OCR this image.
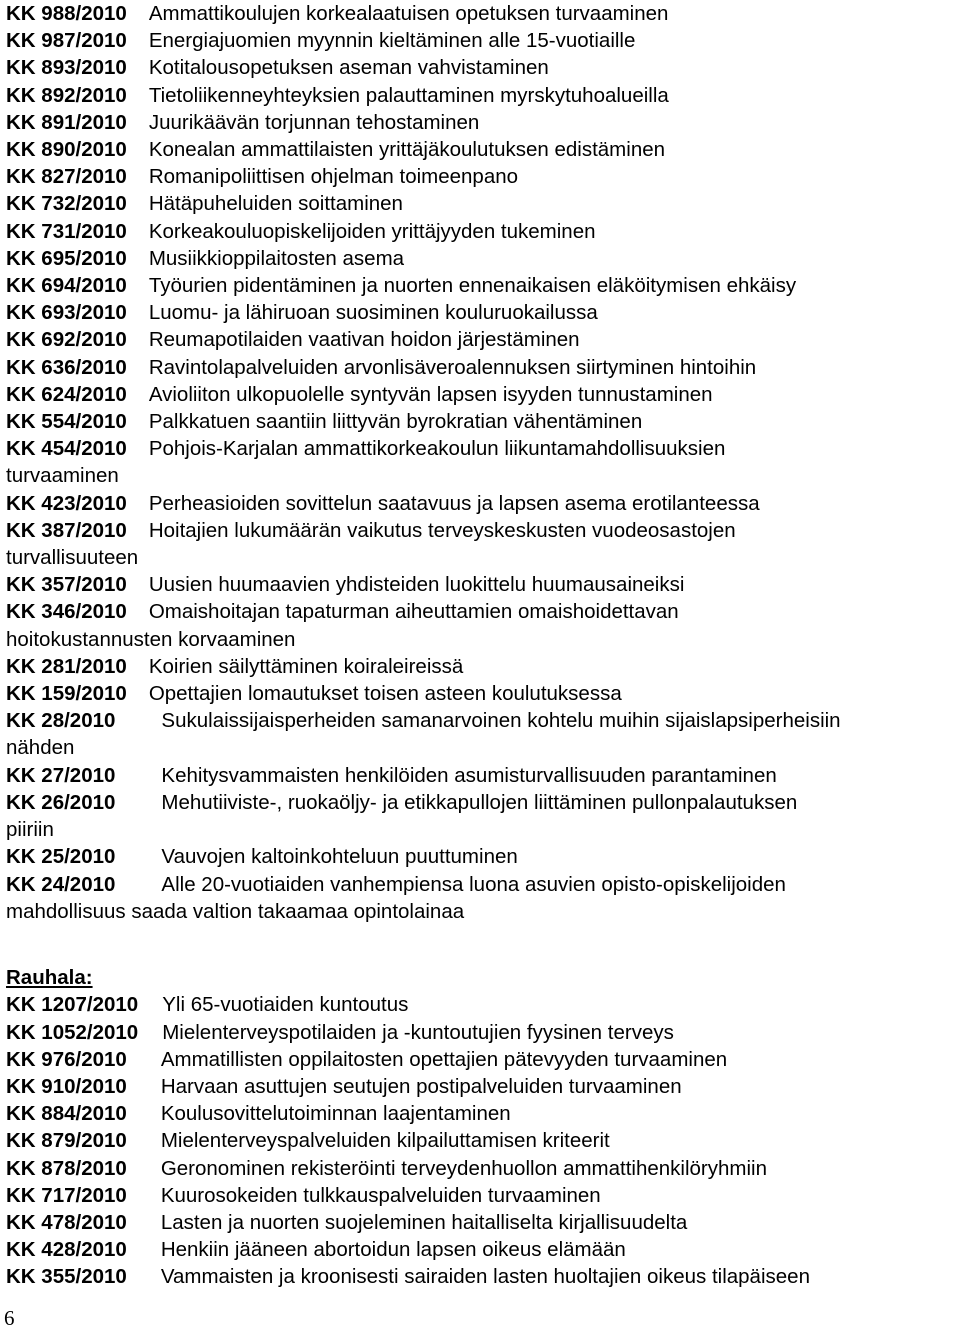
KK 988/2010 Ammattikoulujen korkealaatuisen opetuksen turvaaminen
KK 987/2010 Energiajuomien myynnin kieltäminen alle 15-vuotiaille
KK 893/2010 Kotitalousopetuksen aseman vahvistaminen
KK 892/2010 Tietoliikenneyhteyksien palauttaminen myrskytuhoalueilla
KK 891/2010 Juurikäävän torjunnan tehostaminen
KK 890/2010 Konealan ammattilaisten yrittäjäkoulutuksen edistäminen
KK 827/2010 Romanipoliittisen ohjelman toimeenpano
KK 732/2010 Hätäpuheluiden soittaminen
KK 731/2010 Korkeakouluopiskelijoiden yrittäjyyden tukeminen
KK 695/2010 Musiikkioppilaitosten asema
KK 694/2010 Työurien pidentäminen ja nuorten ennenaikaisen eläköitymisen ehkäisy
KK 693/2010 Luomu- ja lähiruoan suosiminen kouluruokailussa
KK 692/2010 Reumapotilaiden vaativan hoidon järjestäminen
KK 636/2010 Ravintolapalveluiden arvonlisäveroalennuksen siirtyminen hintoihin
KK 624/2010 Avioliiton ulkopuolelle syntyvän lapsen isyyden tunnustaminen
KK 554/2010 Palkkatuen saantiin liittyvän byrokratian vähentäminen
KK 454/2010 Pohjois-Karjalan ammattikorkeakoulun liikuntamahdollisuuksien
turvaaminen
KK 423/2010 Perheasioiden sovittelun saatavuus ja lapsen asema erotilanteessa
KK 387/2010 Hoitajien lukumäärän vaikutus terveyskeskusten vuodeosastojen
turvallisuuteen
KK 357/2010 Uusien huumaavien yhdisteiden luokittelu huumausaineiksi
KK 346/2010 Omaishoitajan tapaturman aiheuttamien omaishoidettavan
hoitokustannusten korvaaminen
KK 281/2010 Koirien säilyttäminen koiraleireissä
KK 159/2010 Opettajien lomautukset toisen asteen koulutuksessa
KK 28/2010 Sukulaissijaisperheiden samanarvoinen kohtelu muihin sijaislapsiperheisiin
nähden
KK 27/2010 Kehitysvammaisten henkilöiden asumisturvallisuuden parantaminen
KK 26/2010 Mehutiiviste-, ruokaöljy- ja etikkapullojen liittäminen pullonpalautuksen
piiriin
KK 25/2010 Vauvojen kaltoinkohteluun puuttuminen
KK 24/2010 Alle 20-vuotiaiden vanhempiensa luona asuvien opisto-opiskelijoiden
mahdollisuus saada valtion takaamaa opintolainaa
Rauhala:
KK 1207/2010 Yli 65-vuotiaiden kuntoutus
KK 1052/2010 Mielenterveyspotilaiden ja -kuntoutujien fyysinen terveys
KK 976/2010 Ammatillisten oppilaitosten opettajien pätevyyden turvaaminen
KK 910/2010 Harvaan asuttujen seutujen postipalveluiden turvaaminen
KK 884/2010 Koulusovittelutoiminnan laajentaminen
KK 879/2010 Mielenterveyspalveluiden kilpailuttamisen kriteerit
KK 878/2010 Geronominen rekisteröinti terveydenhuollon ammattihenkilöryhmiin
KK 717/2010 Kuurosokeiden tulkkauspalveluiden turvaaminen
KK 478/2010 Lasten ja nuorten suojeleminen haitalliselta kirjallisuudelta
KK 428/2010 Henkiin jääneen abortoidun lapsen oikeus elämään
KK 355/2010 Vammaisten ja kroonisesti sairaiden lasten huoltajien oikeus tilapäiseen
6
